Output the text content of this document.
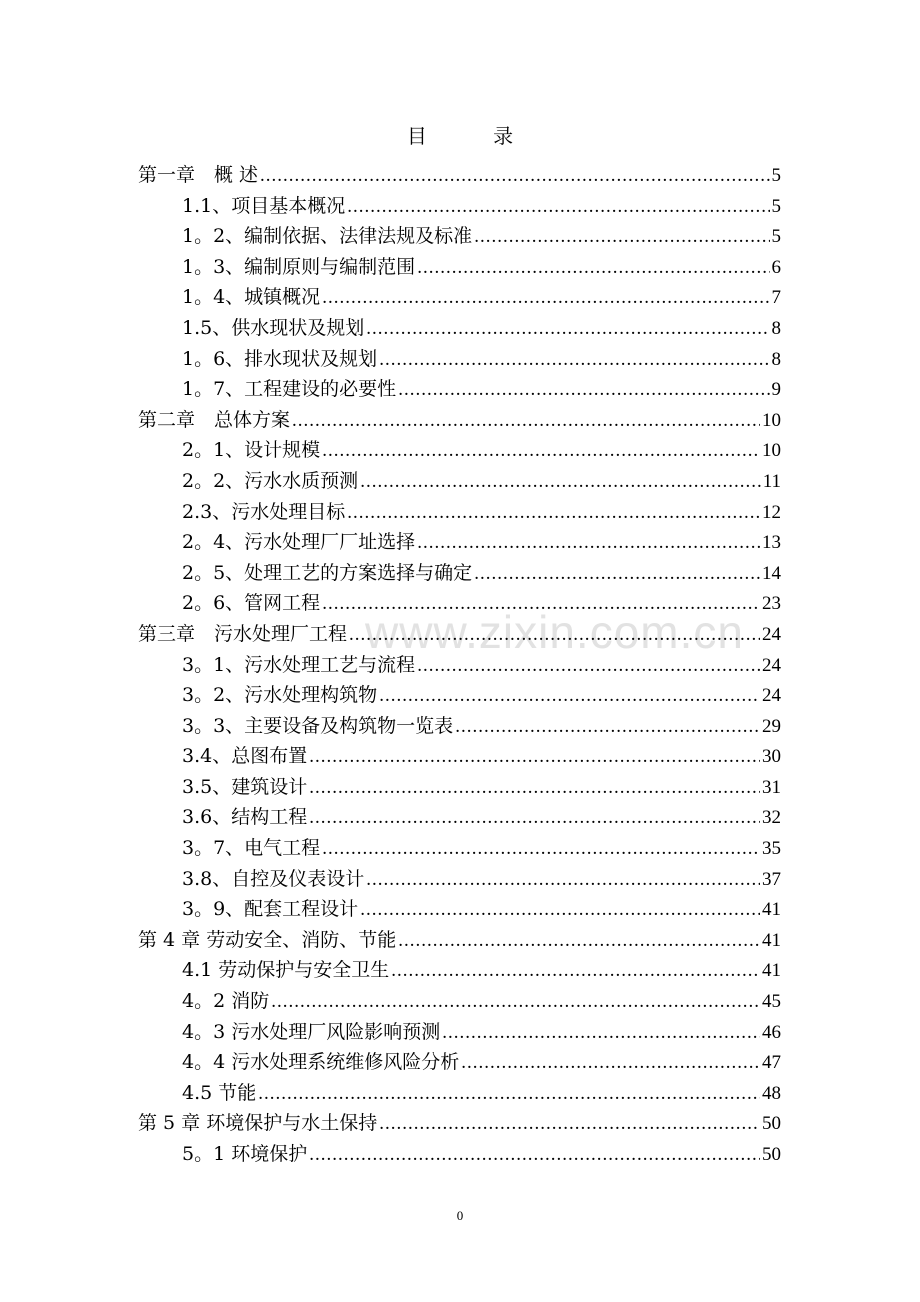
目 录
www.zixin.com.cn
第一章　概 述 .....	5
1.1、项目基本概况 .....	5
1。2、编制依据、法律法规及标准 .....	5
1。3、编制原则与编制范围 .....	6
1。4、城镇概况 .....	7
1.5、供水现状及规划 .....	8
1。6、排水现状及规划 .....	8
1。7、工程建设的必要性 .....	9
第二章　总体方案 .....	10
2。1、设计规模 .....	10
2。2、污水水质预测 .....	11
2.3、污水处理目标 .....	12
2。4、污水处理厂厂址选择 .....	13
2。5、处理工艺的方案选择与确定 .....	14
2。6、管网工程 .....	23
第三章　污水处理厂工程 .....	24
3。1、污水处理工艺与流程 .....	24
3。2、污水处理构筑物 .....	24
3。3、主要设备及构筑物一览表 .....	29
3.4、总图布置 .....	30
3.5、建筑设计 .....	31
3.6、结构工程 .....	32
3。7、电气工程 .....	35
3.8、自控及仪表设计 .....	37
3。9、配套工程设计 .....	41
第 4 章 劳动安全、消防、节能 .....	41
4.1 劳动保护与安全卫生 .....	41
4。2 消防 .....	45
4。3 污水处理厂风险影响预测 .....	46
4。4 污水处理系统维修风险分析 .....	47
4.5 节能 .....	48
第 5 章 环境保护与水土保持 .....	50
5。1 环境保护 .....	50
0
